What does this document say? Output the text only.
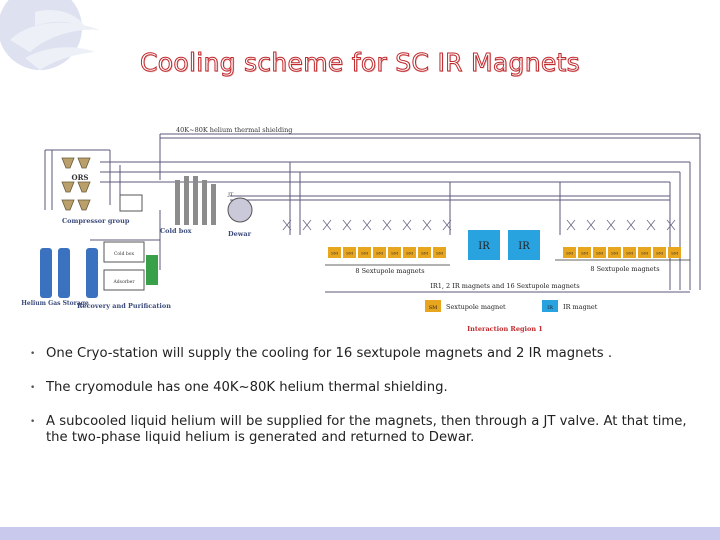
Cooling scheme for SC IR Magnets
ORS
Compressor group
Helium Gas Storage
Cold box
Adsorber
Recovery and Purification
Cold box	Dewar
40K~80K helium thermal shielding
JT
SM SM SM SM SM SM SM SM
IR	IR
SM SM SM SM SM SM SM SM
8 Sextupole magnets	8 Sextupole magnets
IR1, 2 IR magnets and 16 Sextupole magnets
SM Sextupole magnet	IR IR magnet
Interaction Region 1
• One Cryo-station will supply the cooling for 16 sextupole magnets and 2 IR magnets .
• The cryomodule has one 40K~80K helium thermal shielding.
• A subcooled liquid helium will be supplied for the magnets, then through a JT valve. At that time, the two-phase liquid helium is generated and returned to Dewar.
